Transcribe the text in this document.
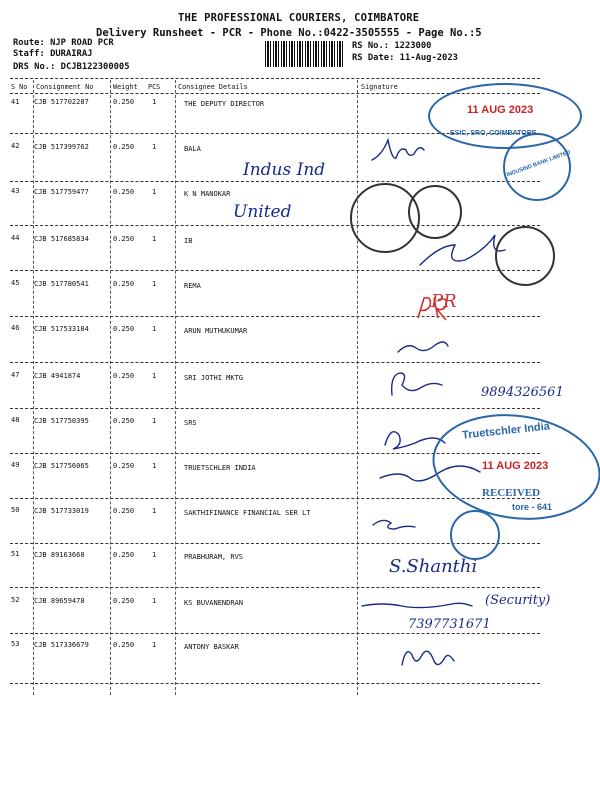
THE PROFESSIONAL COURIERS, COIMBATORE
Delivery Runsheet - PCR - Phone No.:0422-3505555 - Page No.:5
Route: NJP ROAD PCR
Staff: DURAIRAJ
DRS No.: DCJB122300005
RS No.: 1223000
RS Date: 11-Aug-2023
S No Consignment No	Weight PCS	Consignee Details	Signature
41 CJB 517702287	0.250	1	THE DEPUTY DIRECTOR
42 CJB 517399762	0.250	1	BALA
43 CJB 517759477	0.250	1	K N MANOKAR
44 CJB 517685834	0.250	1	IB
45 CJB 517780541	0.250	1	REMA
46 CJB 517533184	0.250	1	ARUN MUTHUKUMAR
47 CJB 4941874	0.250	1	SRI JOTHI MKTG
48 CJB 517750395	0.250	1	SRS
49 CJB 517756065	0.250	1	TRUETSCHLER INDIA
50 CJB 517733019	0.250	1	SAKTHIFINANCE FINANCIAL SER LT
51 CJB 89163668	0.250	1	PRABHURAM, RVS
52 CJB 89659478	0.250	1	KS BUVANENDRAN
53 CJB 517336679	0.250	1	ANTONY BASKAR
Indus Ind
United
PR
9894326561
S.Shanthi
(Security)
7397731671
11 AUG 2023
ESIC, SRO, COIMBATORE
INDUSIND BANK LIMITED
Truetschler India
11 AUG 2023
RECEIVED
tore - 641
